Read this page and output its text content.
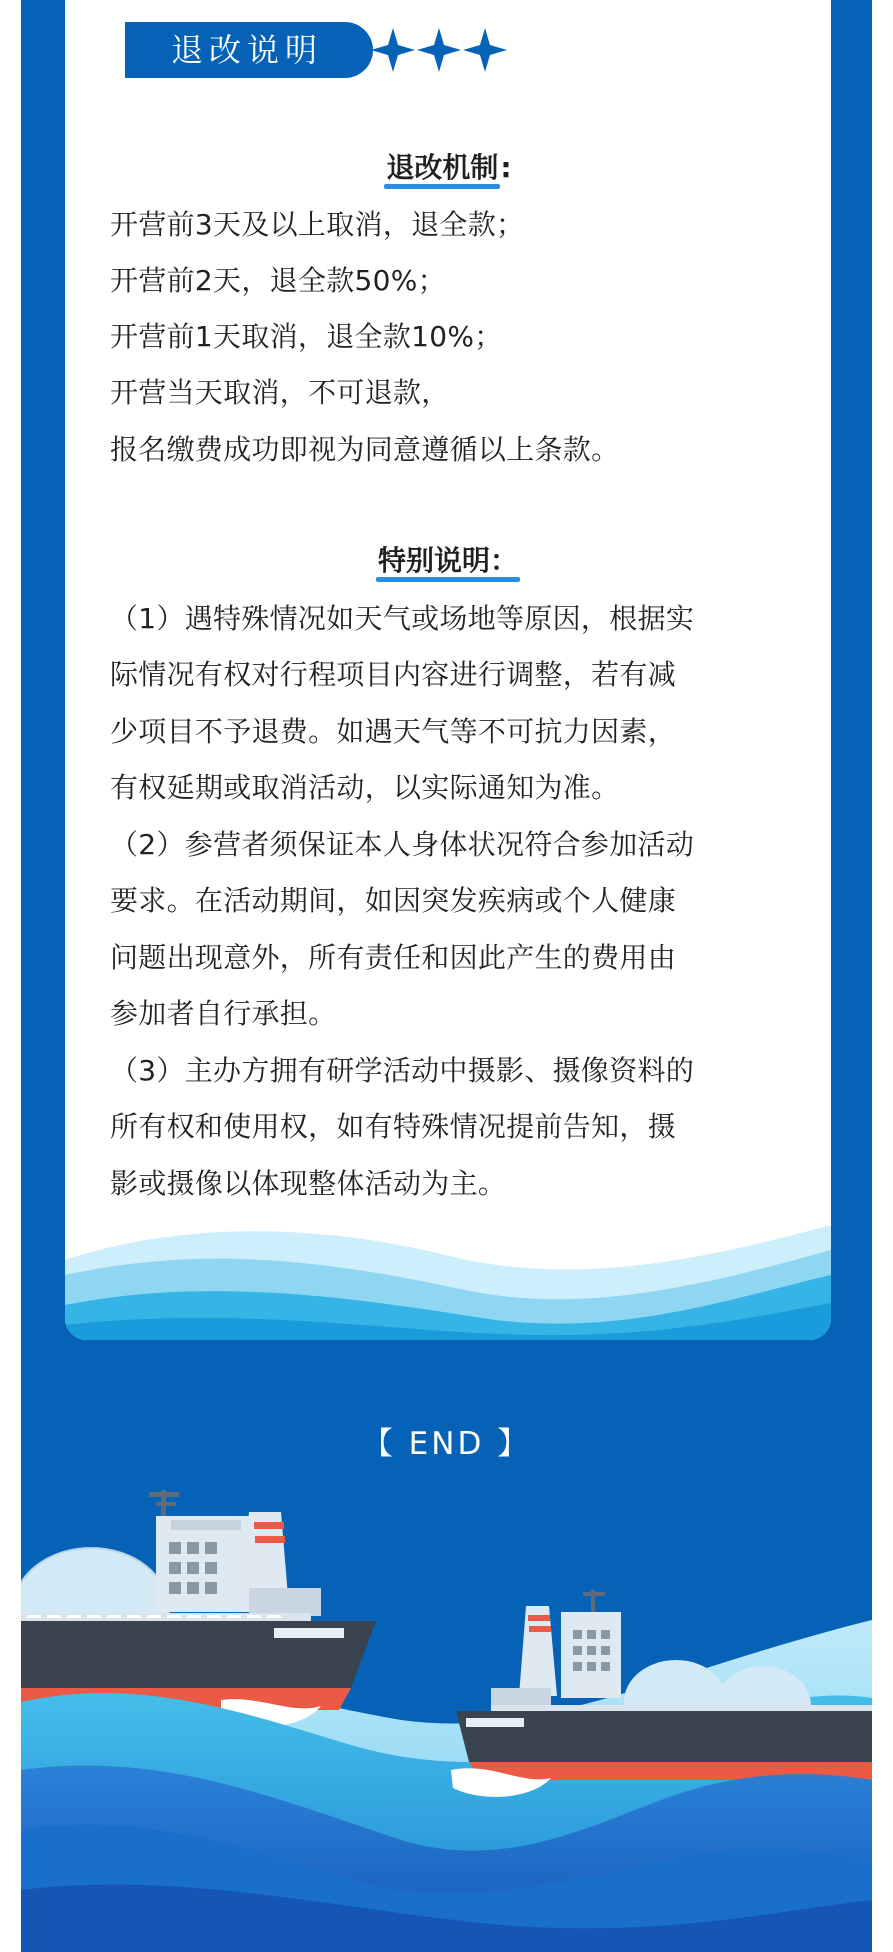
退改说明
退改机制:
开营前3天及以上取消，退全款；
开营前2天，退全款50%；
开营前1天取消，退全款10%；
开营当天取消，不可退款，
报名缴费成功即视为同意遵循以上条款。
特别说明：
（1）遇特殊情况如天气或场地等原因，根据实
际情况有权对行程项目内容进行调整，若有减
少项目不予退费。如遇天气等不可抗力因素，
有权延期或取消活动，以实际通知为准。
（2）参营者须保证本人身体状况符合参加活动
要求。在活动期间，如因突发疾病或个人健康
问题出现意外，所有责任和因此产生的费用由
参加者自行承担。
（3）主办方拥有研学活动中摄影、摄像资料的
所有权和使用权，如有特殊情况提前告知，摄
影或摄像以体现整体活动为主。
【 END 】
